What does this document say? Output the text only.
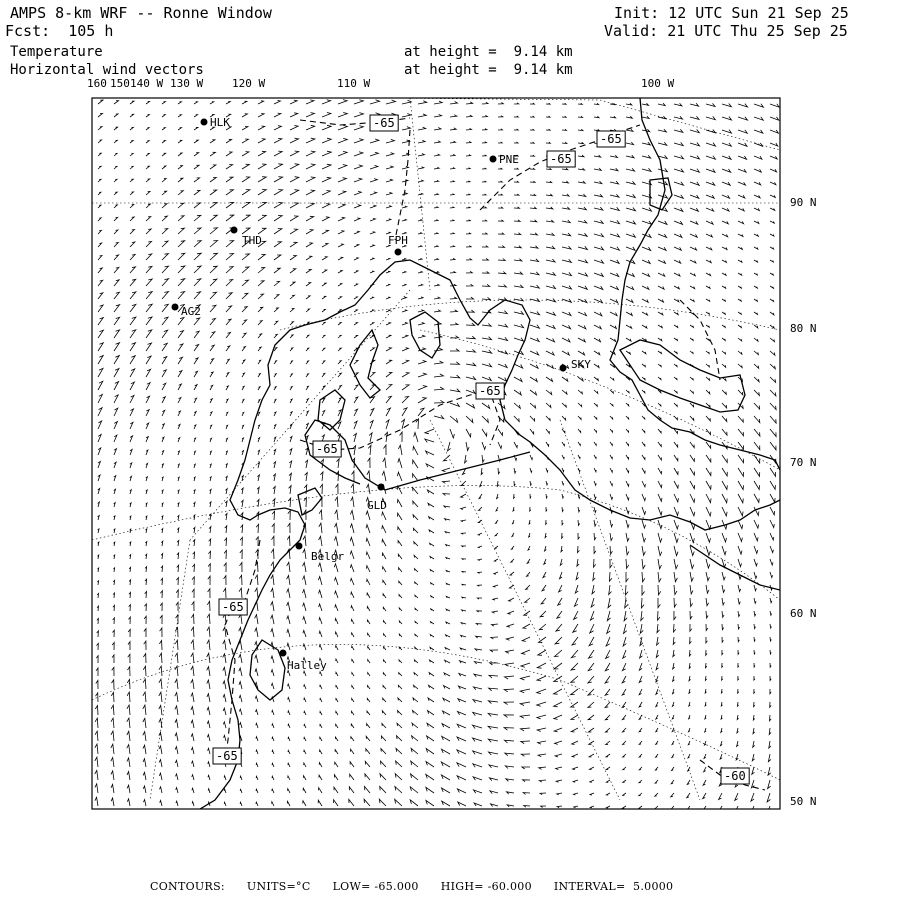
AMPS 8-km WRF -- Ronne Window
Fcst:  105 h
Temperature
Horizontal wind vectors
Init: 12 UTC Sun 21 Sep 25
Valid: 21 UTC Thu 25 Sep 25
at height =  9.14 km
at height =  9.14 km
160 150 140 W 130 W	120 W	110 W	100 W
90 N
80 N
70 N
60 N
50 N
HLK
PNE
THD	FPH
AG2
SKY
GLD
Belgr
Halley
-65
-65
-65
-65
-65
-65
-65
-60
CONTOURS: UNITS=°C LOW= -65.000 HIGH= -60.000 INTERVAL=  5.0000
